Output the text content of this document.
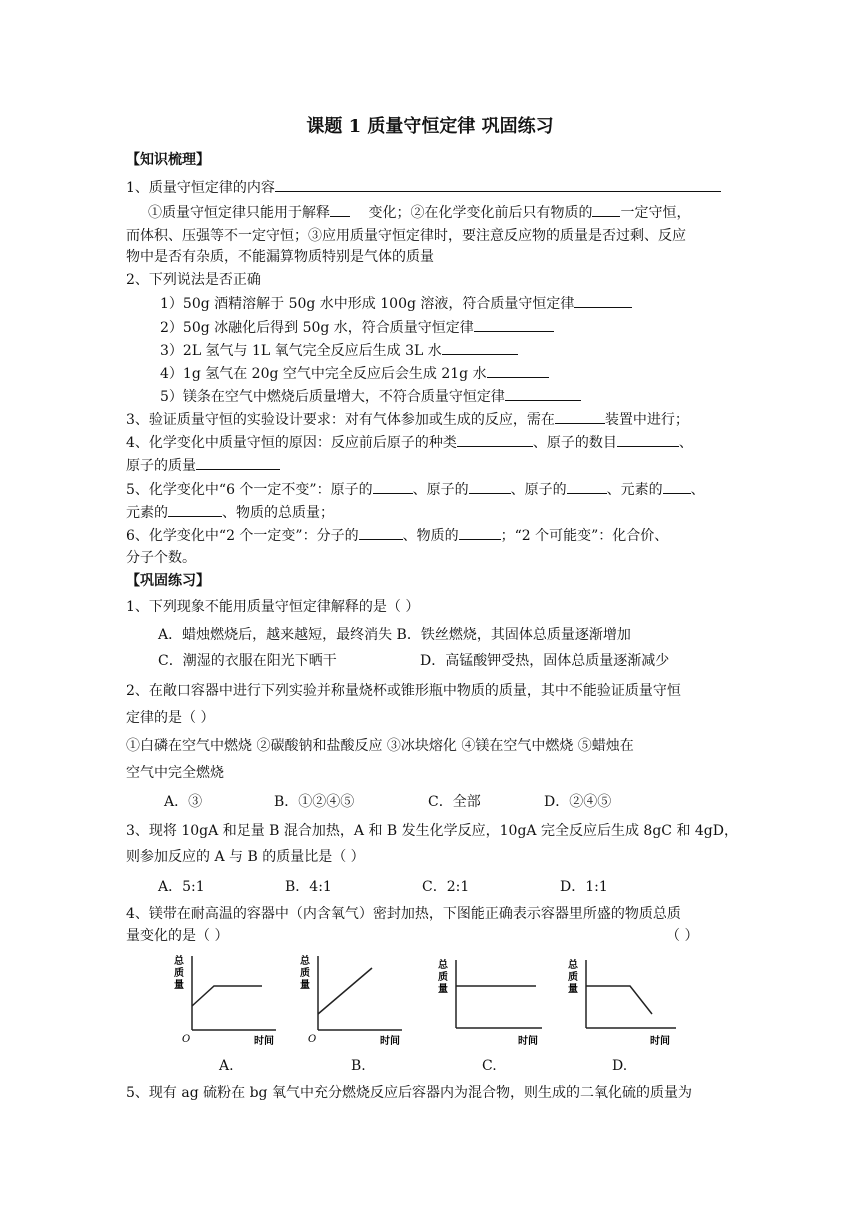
课题 1 质量守恒定律 巩固练习
【知识梳理】
1、质量守恒定律的内容
①质量守恒定律只能用于解释	变化；②在化学变化前后只有物质的 一定守恒，
而体积、压强等不一定守恒；③应用质量守恒定律时，要注意反应物的质量是否过剩、反应
物中是否有杂质，不能漏算物质特别是气体的质量
2、下列说法是否正确
1）50g 酒精溶解于 50g 水中形成 100g 溶液，符合质量守恒定律
2）50g 冰融化后得到 50g 水，符合质量守恒定律
3）2L 氢气与 1L 氧气完全反应后生成 3L 水
4）1g 氢气在 20g 空气中完全反应后会生成 21g 水
5）镁条在空气中燃烧后质量增大，不符合质量守恒定律
3、验证质量守恒的实验设计要求：对有气体参加或生成的反应，需在	装置中进行；
4、化学变化中质量守恒的原因：反应前后原子的种类	、原子的数目	、
原子的质量
5、化学变化中“6 个一定不变”：原子的	、原子的	、原子的	、元素的 、
元素的	、物质的总质量；
6、化学变化中“2 个一定变”：分子的	、物质的	；“2 个可能变”：化合价、
分子个数。
【巩固练习】
1、下列现象不能用质量守恒定律解释的是（ ）
A．蜡烛燃烧后，越来越短，最终消失 B．铁丝燃烧，其固体总质量逐渐增加
C．潮湿的衣服在阳光下晒干	D．高锰酸钾受热，固体总质量逐渐减少
2、在敞口容器中进行下列实验并称量烧杯或锥形瓶中物质的质量，其中不能验证质量守恒
定律的是（ ）
①白磷在空气中燃烧 ②碳酸钠和盐酸反应 ③冰块熔化 ④镁在空气中燃烧 ⑤蜡烛在
空气中完全燃烧
A．③	B．①②④⑤	C．全部	D．②④⑤
3、现将 10gA 和足量 B 混合加热，A 和 B 发生化学反应，10gA 完全反应后生成 8gC 和 4gD，
则参加反应的 A 与 B 的质量比是（ ）
A．5:1	B．4:1	C．2:1	D．1:1
4、镁带在耐高温的容器中（内含氧气）密封加热，下图能正确表示容器里所盛的物质总质
量变化的是（ ）	（ ）
总
质
量
O	时间
总
质
量
O	时间
总
质
量
时间
总
质
量
时间
A.	B.	C.	D.
5、现有 ag 硫粉在 bg 氧气中充分燃烧反应后容器内为混合物，则生成的二氧化硫的质量为
